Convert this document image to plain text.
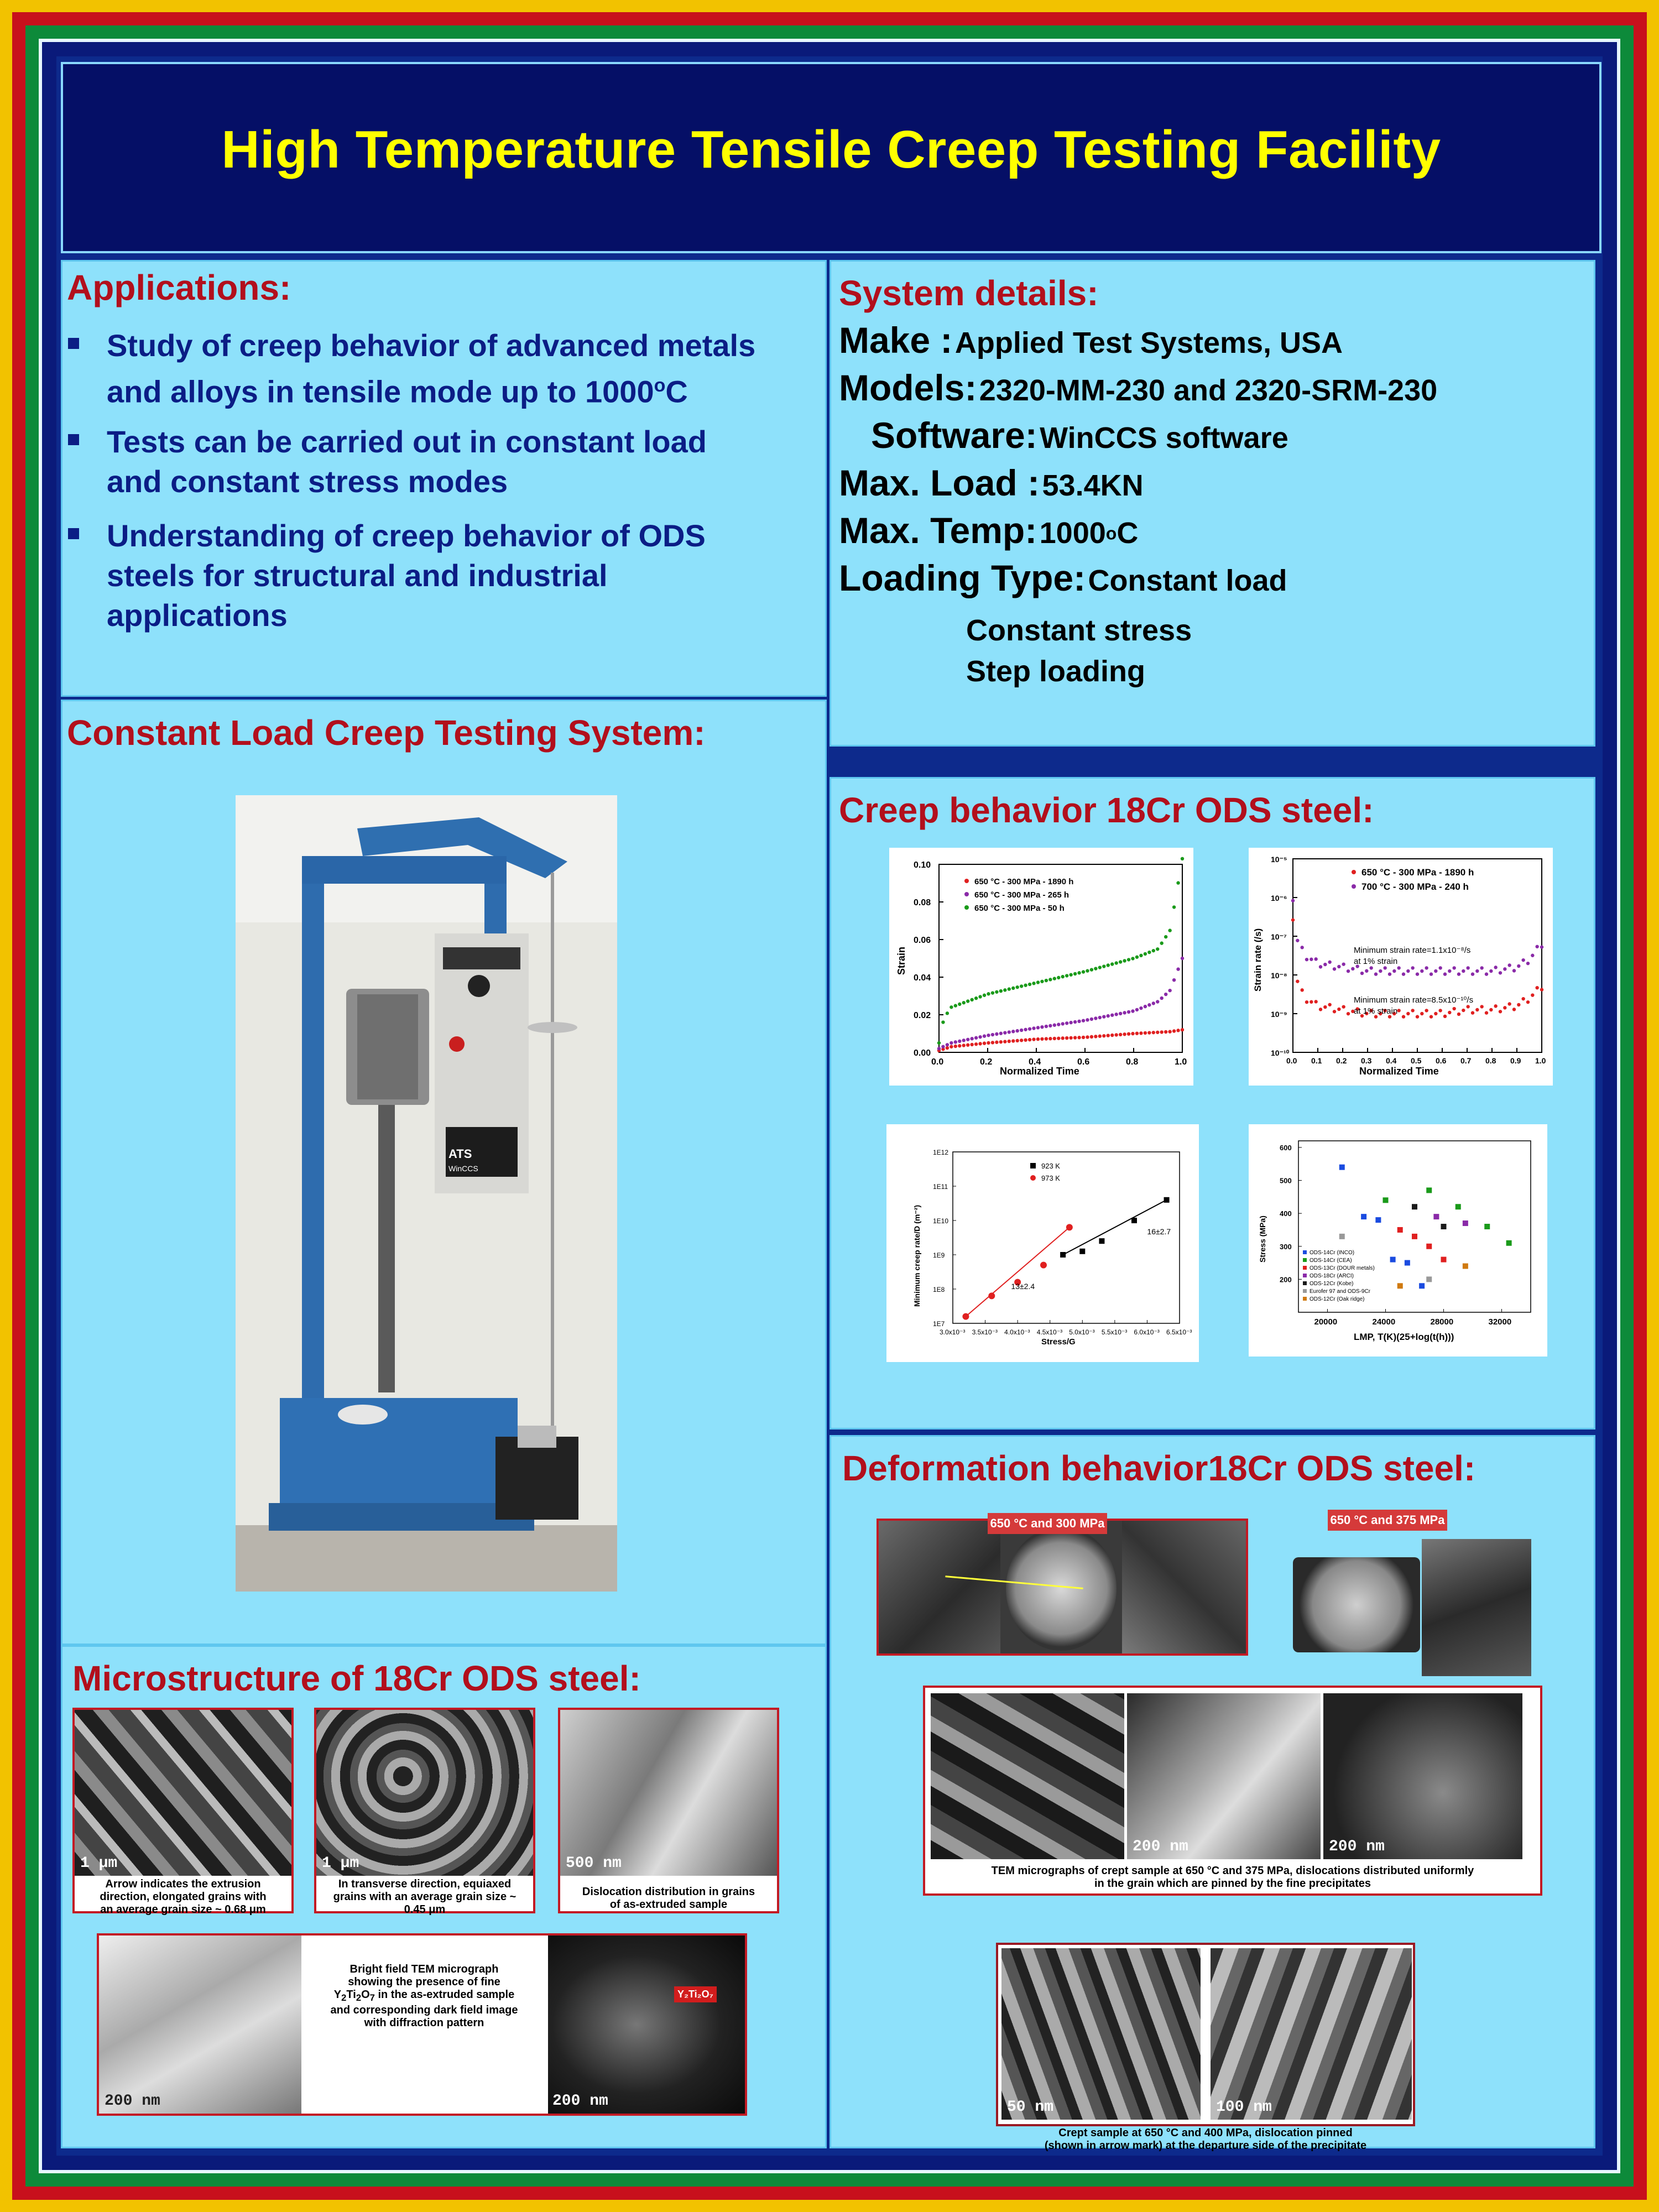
High Temperature Tensile Creep Testing Facility
Applications:
Study of creep behavior of advanced metals
and alloys in tensile mode up to 1000$^o$C
Tests can be carried out in constant load
and constant stress modes
Understanding of creep behavior of ODS
steels for structural and industrial
applications
System details:
Make : Applied Test Systems, USA
Models: 2320-MM-230 and 2320-SRM-230
Software: WinCCS software
Max. Load : 53.4KN
Max. Temp: 1000$^o$C
Loading Type: Constant load
Constant stress
Step loading
Constant Load Creep Testing System:
ATS
WinCCS
Creep behavior 18Cr ODS steel:
0.0	0.2	0.4	0.6	0.8	1.0
0.00
0.02
0.04
0.06
0.08
0.10
Normalized Time
Strain
650 °C - 300 MPa - 1890 h
650 °C - 300 MPa - 265 h
650 °C - 300 MPa - 50 h
0.0 0.1 0.2 0.3 0.4 0.5 0.6 0.7 0.8 0.9 1.0
10⁻¹⁰
10⁻⁹
10⁻⁸
10⁻⁷
10⁻⁶
10⁻⁵
Normalized Time
Strain rate (/s)
650 °C - 300 MPa - 1890 h
700 °C - 300 MPa - 240 h
Minimum strain rate=1.1x10⁻⁸/s
at 1% strain
Minimum strain rate=8.5x10⁻¹⁰/s
at 1% strain
3.0x10⁻³ 3.5x10⁻³ 4.0x10⁻³ 4.5x10⁻³ 5.0x10⁻³ 5.5x10⁻³ 6.0x10⁻³ 6.5x10⁻³
1E7
1E8
1E9
1E10
1E11
1E12
Stress/G
Minimum creep rate/D (m⁻²)
923 K
973 K
16±2.7
13±2.4
20000	24000	28000	32000
200
300
400
500
600
LMP, T(K)(25+log(t(h)))
Stress (MPa)	ODS-14Cr (INCO)
ODS-14Cr (CEA)
ODS-13Cr (DOUR metals)
ODS-18Cr (ARCI)
ODS-12Cr (Kobe)
Eurofer 97 and ODS-9Cr
ODS-12Cr (Oak ridge)
Deformation behavior18Cr ODS steel:
650 °C and 300 MPa	650 °C and 375 MPa
200 nm	200 nm
TEM micrographs of crept sample at 650 °C and 375 MPa, dislocations distributed uniformly
in the grain which are pinned by the fine precipitates
50 nm	100 nm
Crept sample at 650 °C and 400 MPa, dislocation pinned
(shown in arrow mark) at the departure side of the precipitate
Microstructure of 18Cr ODS steel:
1 μm
Arrow indicates the extrusion
direction, elongated grains with
an average grain size ~ 0.68 μm
1 μm
In transverse direction, equiaxed
grains with an average grain size ~
0.45 μm
500 nm
Dislocation distribution in grains
of as-extruded sample
200 nm
Bright field TEM micrograph
showing the presence of fine
$Y_2Ti_2O_7$ in the as-extruded sample
and corresponding dark field image
with diffraction pattern
Y₂Ti₂O₇
200 nm
